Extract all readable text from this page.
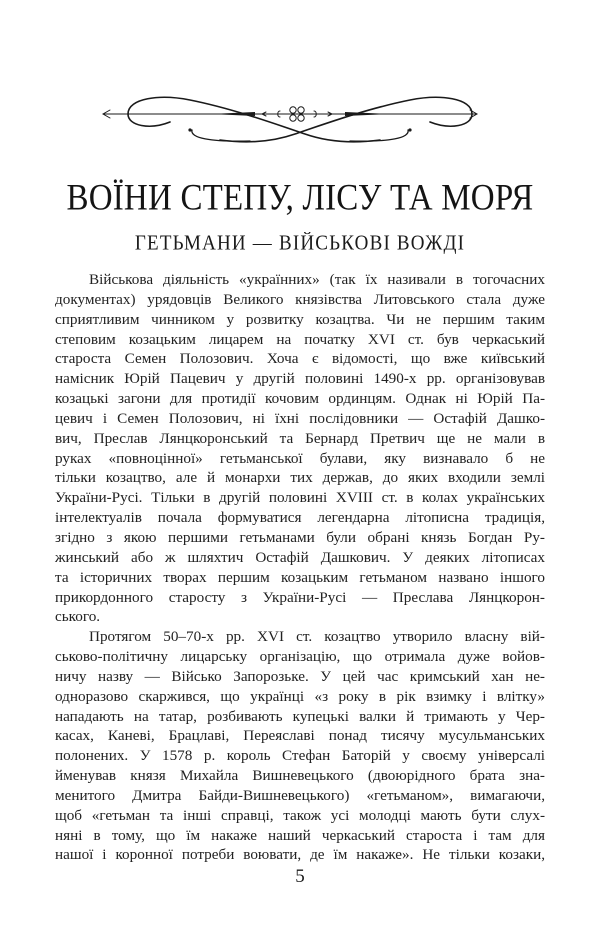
ВОЇНИ СТЕПУ, ЛІСУ ТА МОРЯ
ГЕТЬМАНИ — ВІЙСЬКОВІ ВОЖДІ
Військова діяльність «українних» (так їх називали в тогочасних
документах) урядовців Великого князівства Литовського стала дуже
сприятливим чинником у розвитку козацтва. Чи не першим таким
степовим козацьким лицарем на початку XVI ст. був черкаський
староста Семен Полозович. Хоча є відомості, що вже київський
намісник Юрій Пацевич у другій половині 1490-х рр. організовував
козацькі загони для протидії кочовим ординцям. Однак ні Юрій Па-
цевич і Семен Полозович, ні їхні послідовники — Остафій Дашко-
вич, Преслав Лянцкоронський та Бернард Претвич ще не мали в
руках «повноцінної» гетьманської булави, яку визнавало б не
тільки козацтво, але й монархи тих держав, до яких входили землі
України-Русі. Тільки в другій половині XVIII ст. в колах українських
інтелектуалів почала формуватися легендарна літописна традиція,
згідно з якою першими гетьманами були обрані князь Богдан Ру-
жинський або ж шляхтич Остафій Дашкович. У деяких літописах
та історичних творах першим козацьким гетьманом названо іншого
прикордонного старосту з України-Русі — Преслава Лянцкорон-
ського.
Протягом 50–70-х рр. XVI ст. козацтво утворило власну вій-
ськово-політичну лицарську організацію, що отримала дуже войов-
ничу назву — Військо Запорозьке. У цей час кримський хан не-
одноразово скаржився, що українці «з року в рік взимку і влітку»
нападають на татар, розбивають купецькі валки й тримають у Чер-
касах, Каневі, Брацлаві, Переяславі понад тисячу мусульманських
полонених. У 1578 р. король Стефан Баторій у своєму універсалі
йменував князя Михайла Вишневецького (двоюрідного брата зна-
менитого Дмитра Байди-Вишневецького) «гетьманом», вимагаючи,
щоб «гетьман та інші справці, також усі молодці мають бути слух-
няні в тому, що їм накаже наший черкаський староста і там для
нашої і коронної потреби воювати, де їм накаже». Не тільки козаки,
5
